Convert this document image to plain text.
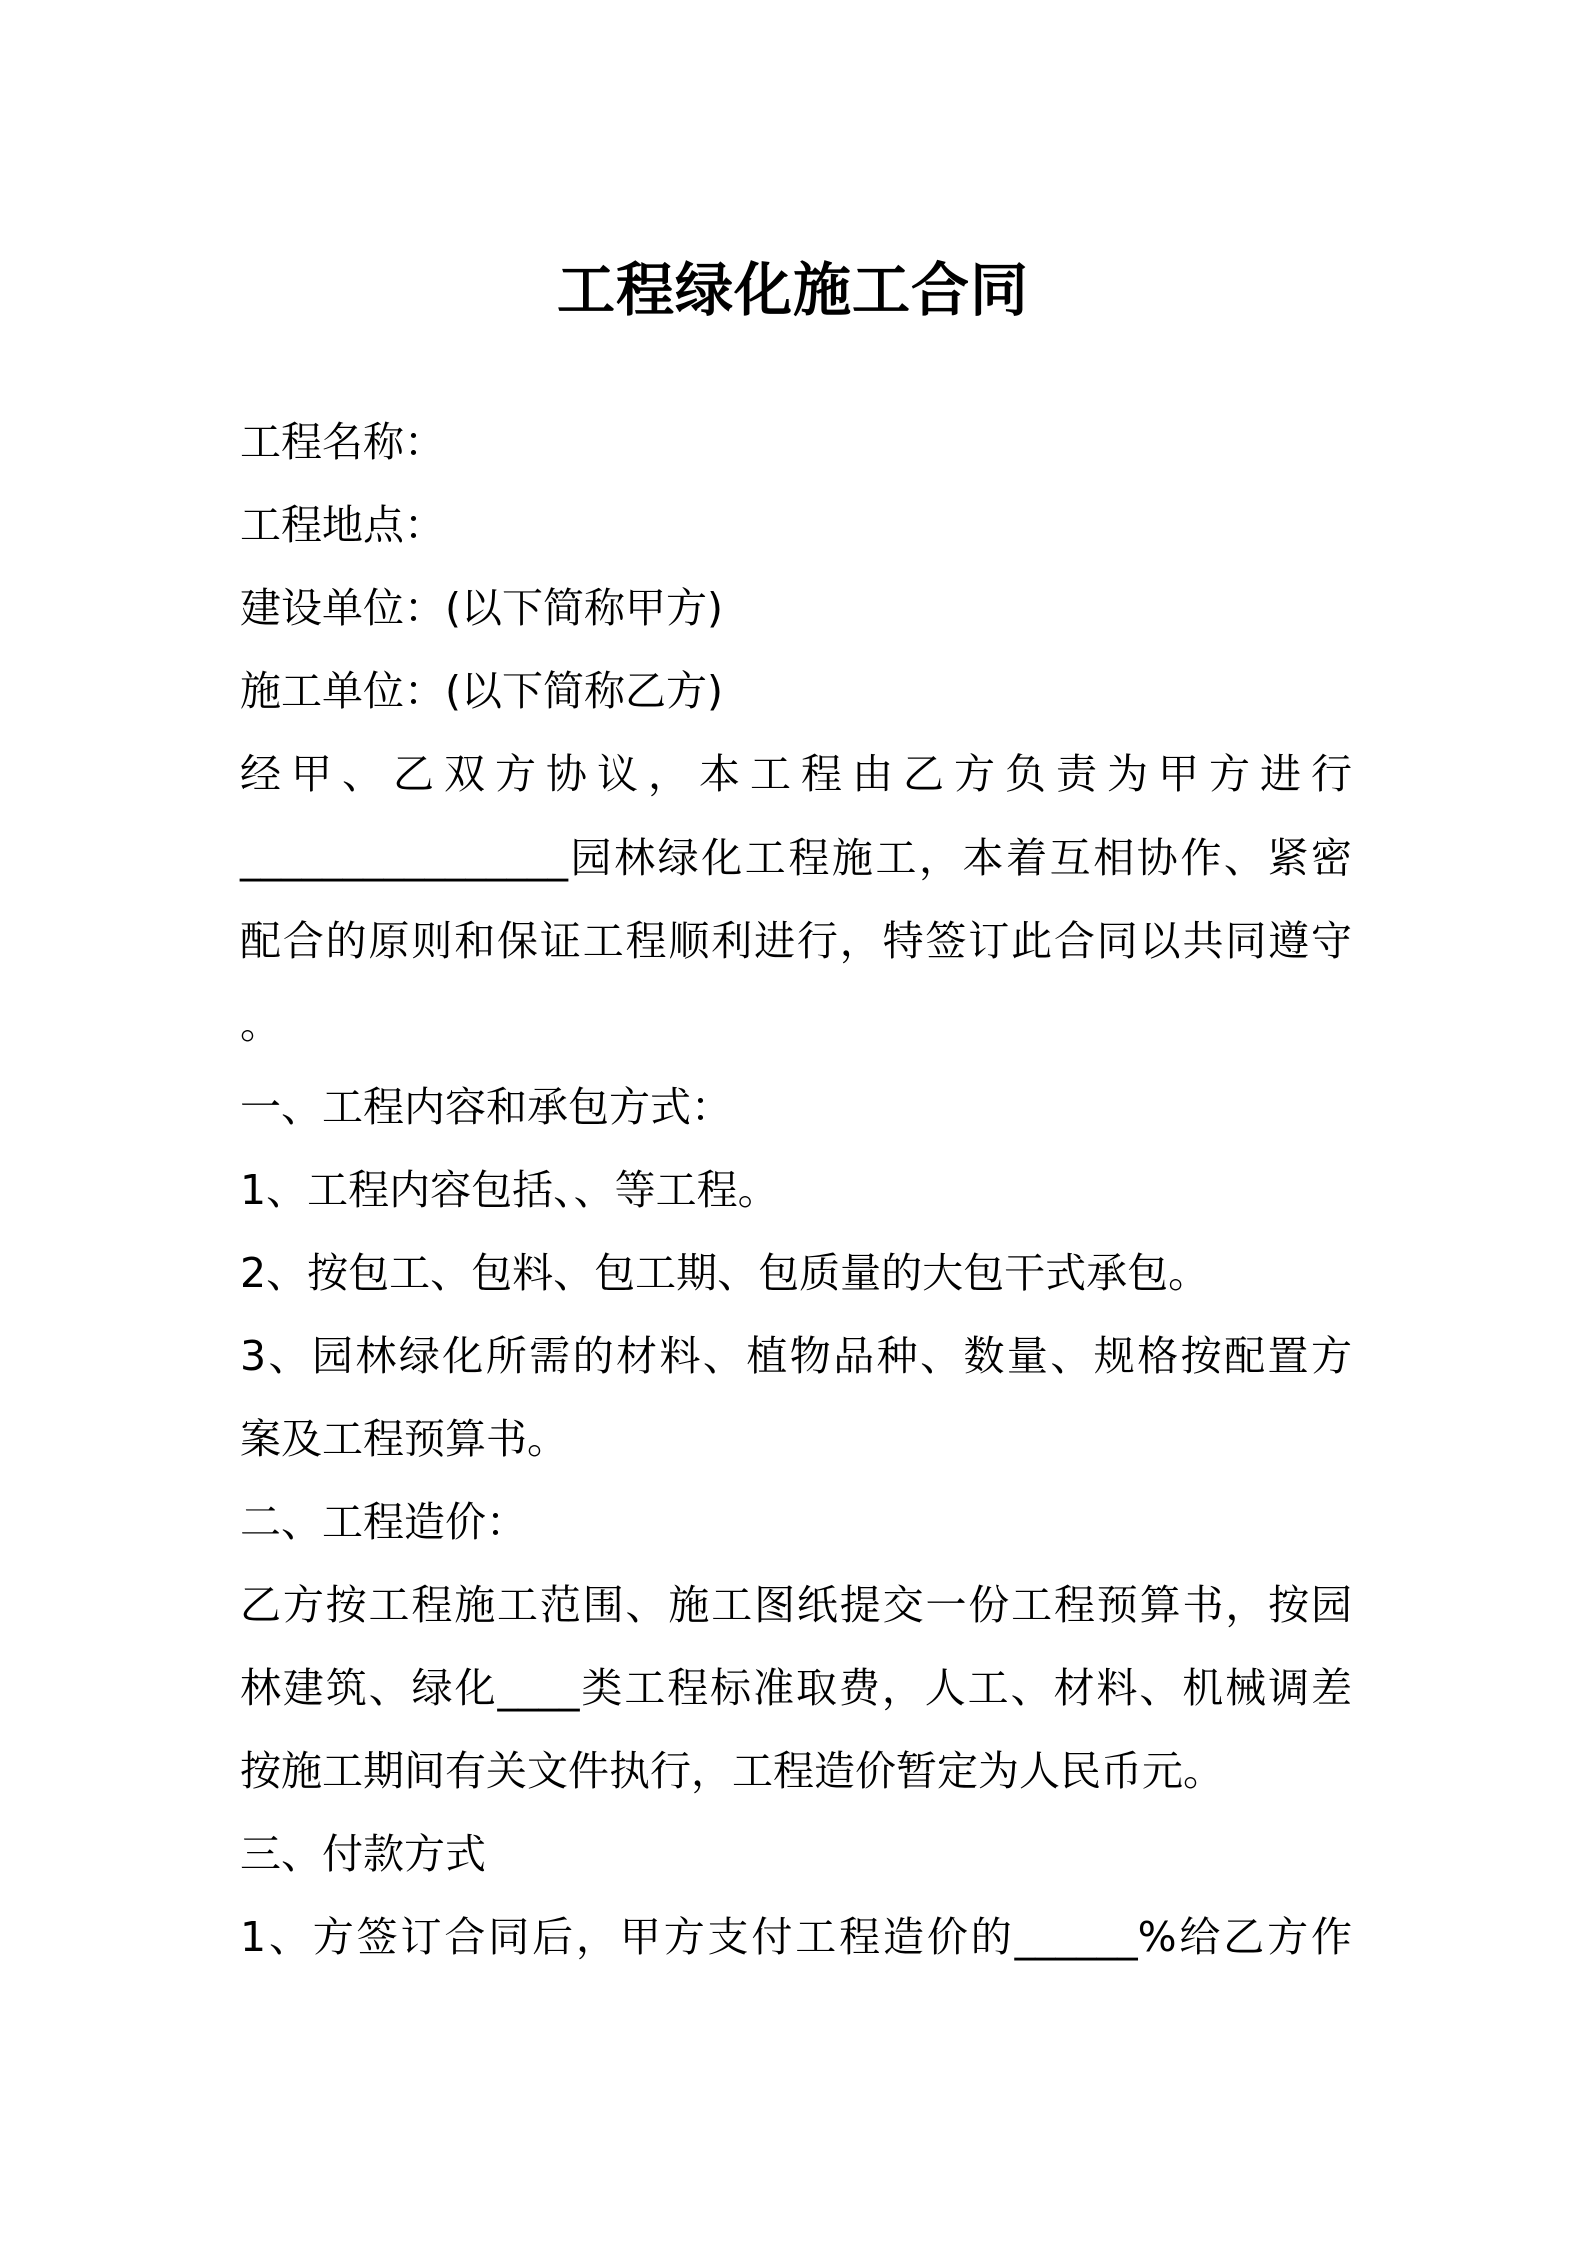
工程绿化施工合同
工程名称：
工程地点：
建设单位：(以下简称甲方)
施工单位：(以下简称乙方)
经甲、乙双方协议，本工程由乙方负责为甲方进行
________________园林绿化工程施工，本着互相协作、紧密
配合的原则和保证工程顺利进行，特签订此合同以共同遵守
。
一、工程内容和承包方式：
1、工程内容包括、、等工程。
2、按包工、包料、包工期、包质量的大包干式承包。
3、园林绿化所需的材料、植物品种、数量、规格按配置方
案及工程预算书。
二、工程造价：
乙方按工程施工范围、施工图纸提交一份工程预算书，按园
林建筑、绿化____类工程标准取费，人工、材料、机械调差
按施工期间有关文件执行，工程造价暂定为人民币元。
三、付款方式
1、方签订合同后，甲方支付工程造价的______%给乙方作
